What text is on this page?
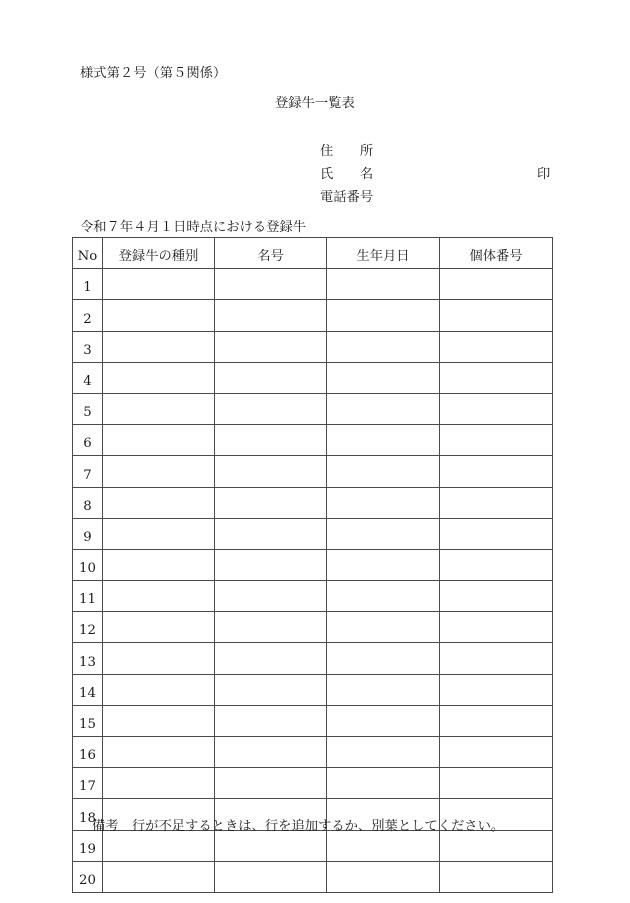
様式第２号（第５関係）
登録牛一覧表
住　　所
氏　　名	印
電話番号
令和７年４月１日時点における登録牛
No	登録牛の種別	名号	生年月日	個体番号
1				
2				
3				
4				
5				
6				
7				
8				
9				
10				
11				
12				
13				
14				
15				
16				
17				
18				
19				
20				
備考　行が不足するときは、行を追加するか、別葉としてください。
